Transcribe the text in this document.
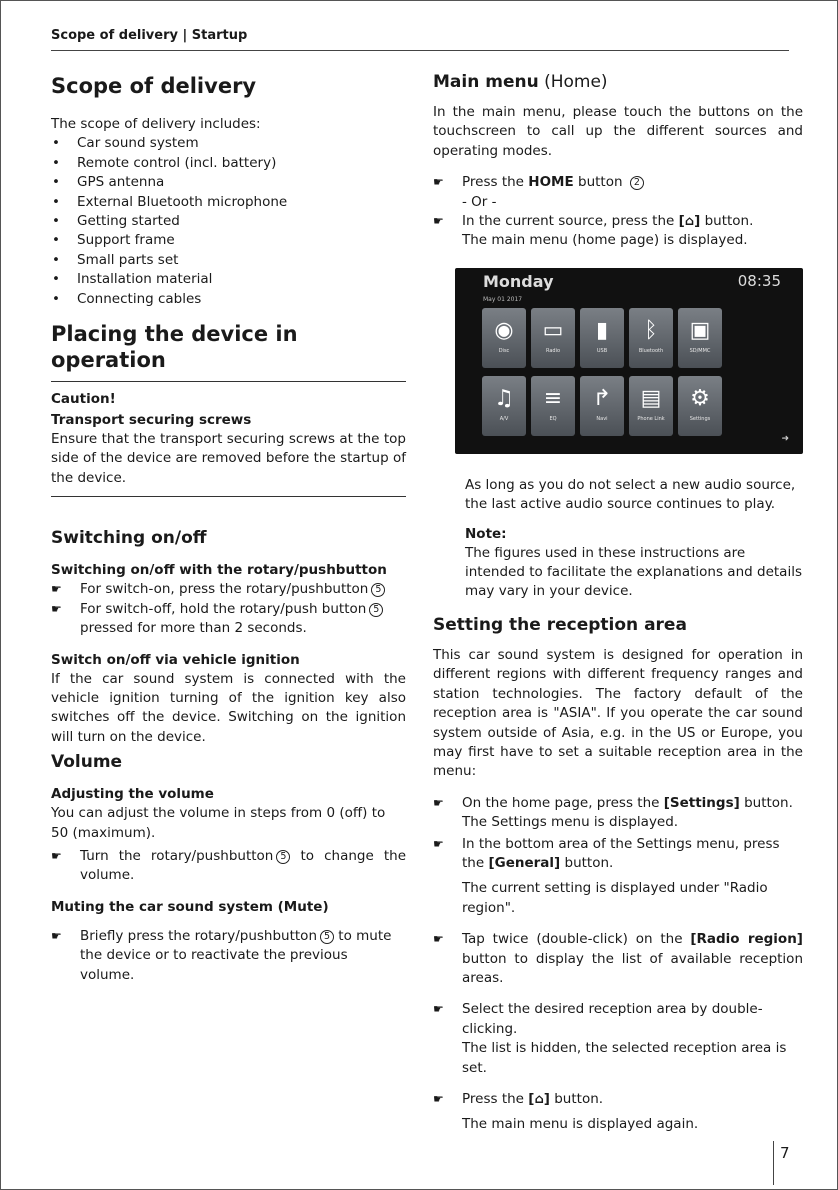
Scope of delivery | Startup
Scope of delivery

The scope of delivery includes:

• Car sound system
• Remote control (incl. battery)
• GPS antenna
• External Bluetooth microphone
• Getting started
• Support frame
• Small parts set
• Installation material
• Connecting cables
Placing the device in operation
Caution!
Transport securing screws

Ensure that the transport securing screws at the top side of the device are removed before the startup of the device.

Switching on/off
Switching on/off with the rotary/pushbutton
☛ For switch-on, press the rotary/pushbutton 5
☛ For switch-off, hold the rotary/push button 5
pressed for more than 2 seconds.
Switch on/off via vehicle ignition

If the car sound system is connected with the vehicle ignition turning of the ignition key also switches off the device. Switching on the ignition will turn on the device.

Volume
Adjusting the volume

You can adjust the volume in steps from 0 (off) to 50 (maximum).

☛ Turn the rotary/pushbutton 5 to change the volume.
Muting the car sound system (Mute)
☛ Briefly press the rotary/pushbutton 5 to mute the device or to reactivate the previous volume.
Main menu (Home)

In the main menu, please touch the buttons on the touchscreen to call up the different sources and operating modes.

☛ Press the HOME button 2
- Or -
☛ In the current source, press the [⌂] button.
The main menu (home page) is displayed.
Monday
May 01 2017
08:35
◉
Disc
▭
Radio
▮
USB
ᛒ
Bluetooth
▣
SD/MMC
♫
A/V
≡
EQ
↱
Navi
▤
Phone Link
⚙
Settings
➜

As long as you do not select a new audio source, the last active audio source continues to play.

Note:

The figures used in these instructions are intended to facilitate the explanations and details may vary in your device.

Setting the reception area

This car sound system is designed for operation in different regions with different frequency ranges and station technologies. The factory default of the reception area is "ASIA". If you operate the car sound system outside of Asia, e.g. in the US or Europe, you may first have to set a suitable reception area in the menu:

☛ On the home page, press the [Settings] button.
The Settings menu is displayed.
☛ In the bottom area of the Settings menu, press the [General] button.
The current setting is displayed under "Radio region".
☛ Tap twice (double-click) on the [Radio region] button to display the list of available reception areas.
☛ Select the desired reception area by double-clicking.
The list is hidden, the selected reception area is set.
☛ Press the [⌂] button.
The main menu is displayed again.
7
